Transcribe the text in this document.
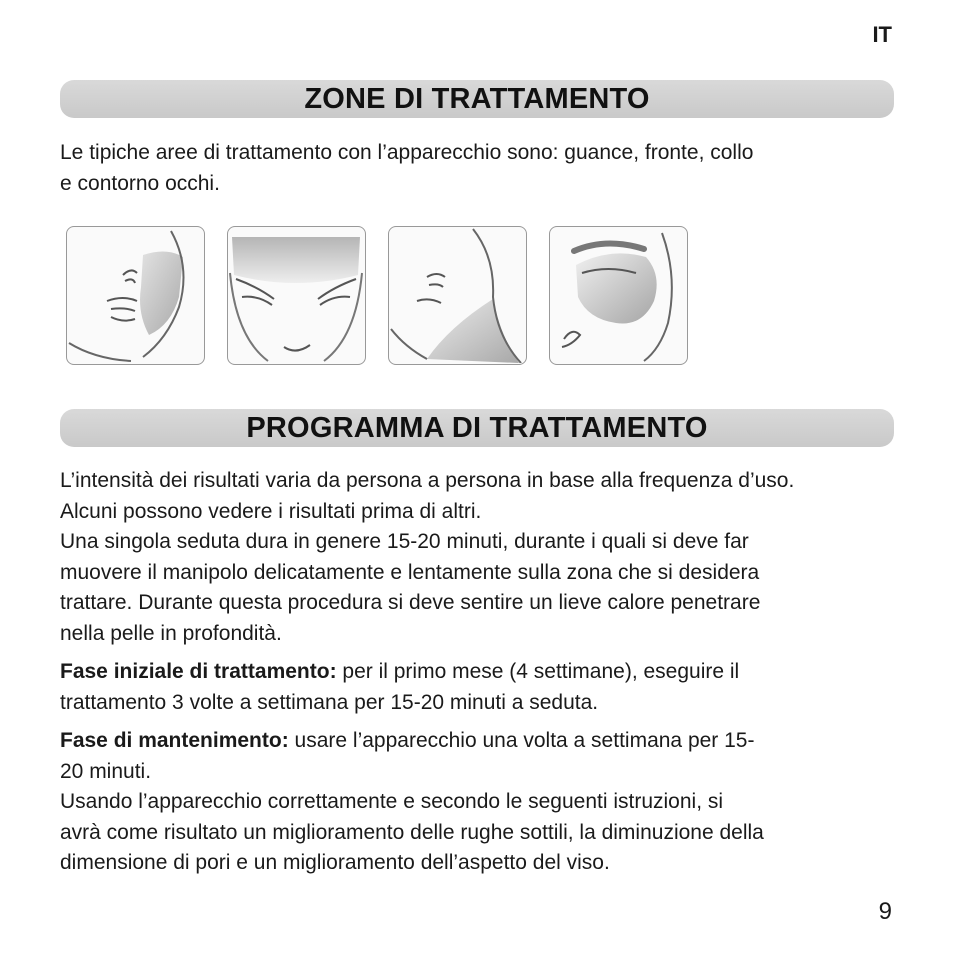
IT
ZONE DI TRATTAMENTO
Le tipiche aree di trattamento con l’apparecchio sono: guance, fronte, collo
e contorno occhi.
PROGRAMMA DI TRATTAMENTO
L’intensità dei risultati varia da persona a persona in base alla frequenza d’uso.
Alcuni possono vedere i risultati prima di altri.
Una singola seduta dura in genere 15-20 minuti, durante i quali si deve far
muovere il manipolo delicatamente e lentamente sulla zona che si desidera
trattare. Durante questa procedura si deve sentire un lieve calore penetrare
nella pelle in profondità.
Fase iniziale di trattamento: per il primo mese (4 settimane), eseguire il
trattamento 3 volte a settimana per 15-20 minuti a seduta.
Fase di mantenimento: usare l’apparecchio una volta a settimana per 15-
20 minuti.
Usando l’apparecchio correttamente e secondo le seguenti istruzioni, si
avrà come risultato un miglioramento delle rughe sottili, la diminuzione della
dimensione di pori e un miglioramento dell’aspetto del viso.
9
